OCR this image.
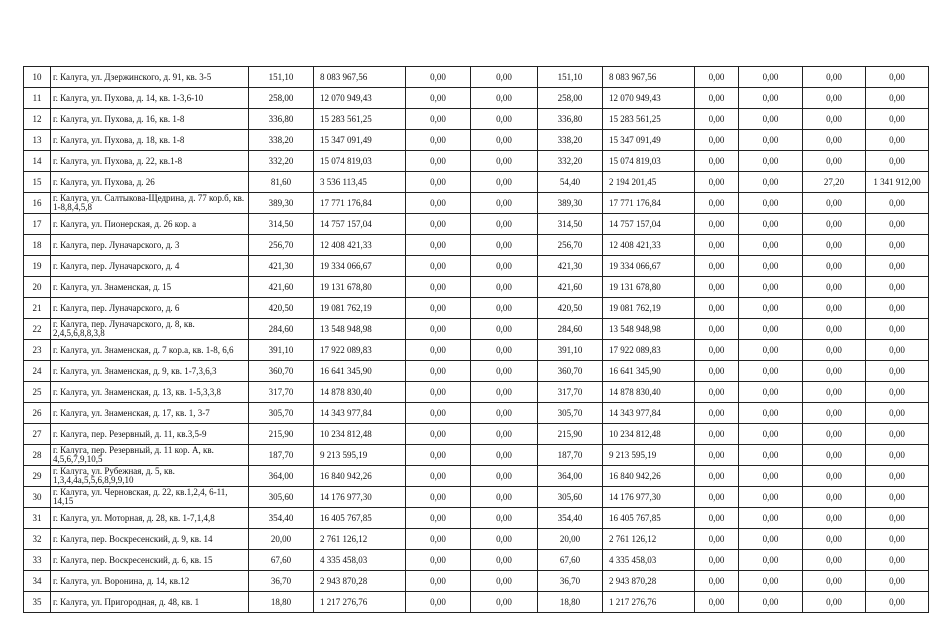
10	г. Калуга, ул. Дзержинского, д. 91, кв. 3-5	151,10	8 083 967,56	0,00	0,00	151,10	8 083 967,56	0,00	0,00	0,00	0,00
11	г. Калуга, ул. Пухова, д. 14, кв. 1-3,6-10	258,00	12 070 949,43	0,00	0,00	258,00	12 070 949,43	0,00	0,00	0,00	0,00
12	г. Калуга, ул. Пухова, д. 16, кв. 1-8	336,80	15 283 561,25	0,00	0,00	336,80	15 283 561,25	0,00	0,00	0,00	0,00
13	г. Калуга, ул. Пухова, д. 18, кв. 1-8	338,20	15 347 091,49	0,00	0,00	338,20	15 347 091,49	0,00	0,00	0,00	0,00
14	г. Калуга, ул. Пухова, д. 22, кв.1-8	332,20	15 074 819,03	0,00	0,00	332,20	15 074 819,03	0,00	0,00	0,00	0,00
15	г. Калуга, ул. Пухова, д. 26	81,60	3 536 113,45	0,00	0,00	54,40	2 194 201,45	0,00	0,00	27,20	1 341 912,00
16	г. Калуга, ул. Салтыкова-Щедрина, д. 77 кор.б, кв. 1-8,8,4,5,8	389,30	17 771 176,84	0,00	0,00	389,30	17 771 176,84	0,00	0,00	0,00	0,00
17	г. Калуга, ул. Пионерская, д. 26 кор. а	314,50	14 757 157,04	0,00	0,00	314,50	14 757 157,04	0,00	0,00	0,00	0,00
18	г. Калуга, пер. Луначарского, д. 3	256,70	12 408 421,33	0,00	0,00	256,70	12 408 421,33	0,00	0,00	0,00	0,00
19	г. Калуга, пер. Луначарского, д. 4	421,30	19 334 066,67	0,00	0,00	421,30	19 334 066,67	0,00	0,00	0,00	0,00
20	г. Калуга, ул. Знаменская, д. 15	421,60	19 131 678,80	0,00	0,00	421,60	19 131 678,80	0,00	0,00	0,00	0,00
21	г. Калуга, пер. Луначарского, д. 6	420,50	19 081 762,19	0,00	0,00	420,50	19 081 762,19	0,00	0,00	0,00	0,00
22	г. Калуга, пер. Луначарского, д. 8, кв. 2,4,5,6,8,8,3,8	284,60	13 548 948,98	0,00	0,00	284,60	13 548 948,98	0,00	0,00	0,00	0,00
23	г. Калуга, ул. Знаменская, д. 7 кор.а, кв. 1-8, 6,6	391,10	17 922 089,83	0,00	0,00	391,10	17 922 089,83	0,00	0,00	0,00	0,00
24	г. Калуга, ул. Знаменская, д. 9, кв. 1-7,3,6,3	360,70	16 641 345,90	0,00	0,00	360,70	16 641 345,90	0,00	0,00	0,00	0,00
25	г. Калуга, ул. Знаменская, д. 13, кв. 1-5,3,3,8	317,70	14 878 830,40	0,00	0,00	317,70	14 878 830,40	0,00	0,00	0,00	0,00
26	г. Калуга, ул. Знаменская, д. 17, кв. 1, 3-7	305,70	14 343 977,84	0,00	0,00	305,70	14 343 977,84	0,00	0,00	0,00	0,00
27	г. Калуга, пер. Резервный, д. 11, кв.3,5-9	215,90	10 234 812,48	0,00	0,00	215,90	10 234 812,48	0,00	0,00	0,00	0,00
28	г. Калуга, пер. Резервный, д. 11 кор. А, кв. 4,5,6,7,9,10,5	187,70	9 213 595,19	0,00	0,00	187,70	9 213 595,19	0,00	0,00	0,00	0,00
29	г. Калуга, ул. Рубежная, д. 5, кв. 1,3,4,4а,5,5,6,8,9,9,10	364,00	16 840 942,26	0,00	0,00	364,00	16 840 942,26	0,00	0,00	0,00	0,00
30	г. Калуга, ул. Черновская, д. 22, кв.1,2,4, 6-11, 14,15	305,60	14 176 977,30	0,00	0,00	305,60	14 176 977,30	0,00	0,00	0,00	0,00
31	г. Калуга, ул. Моторная, д. 28, кв. 1-7,1,4,8	354,40	16 405 767,85	0,00	0,00	354,40	16 405 767,85	0,00	0,00	0,00	0,00
32	г. Калуга, пер. Воскресенский, д. 9, кв. 14	20,00	2 761 126,12	0,00	0,00	20,00	2 761 126,12	0,00	0,00	0,00	0,00
33	г. Калуга, пер. Воскресенский, д. 6, кв. 15	67,60	4 335 458,03	0,00	0,00	67,60	4 335 458,03	0,00	0,00	0,00	0,00
34	г. Калуга, ул. Воронина, д. 14, кв.12	36,70	2 943 870,28	0,00	0,00	36,70	2 943 870,28	0,00	0,00	0,00	0,00
35	г. Калуга, ул. Пригородная, д. 48, кв. 1	18,80	1 217 276,76	0,00	0,00	18,80	1 217 276,76	0,00	0,00	0,00	0,00
